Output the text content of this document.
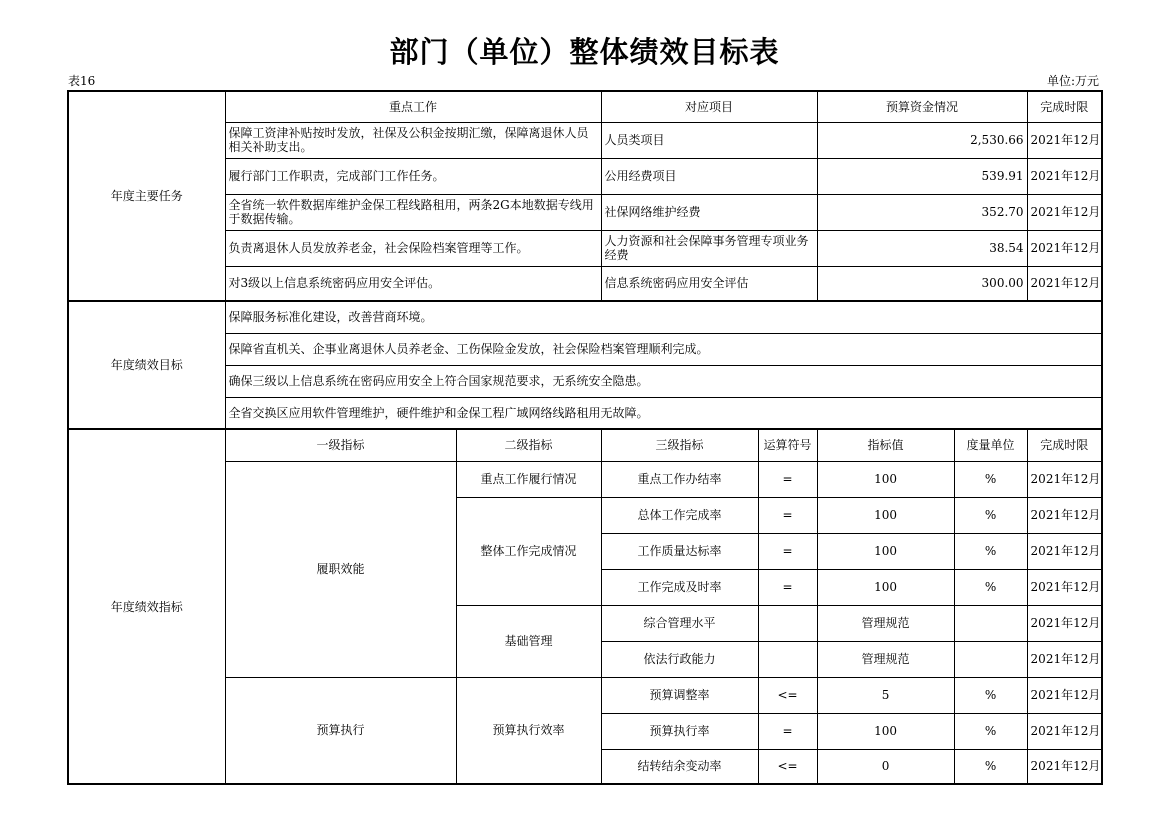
部门（单位）整体绩效目标表
表16	单位:万元
年度主要任务	重点工作		对应项目		预算资金情况		完成时限
	保障工资津补贴按时发放，社保及公积金按期汇缴，保障离退休人员相关补助支出。		人员类项目		2,530.66		2021年12月
	履行部门工作职责，完成部门工作任务。		公用经费项目		539.91		2021年12月
	全省统一软件数据库维护金保工程线路租用，两条2G本地数据专线用于数据传输。		社保网络维护经费		352.70		2021年12月
	负责离退休人员发放养老金，社会保险档案管理等工作。		人力资源和社会保障事务管理专项业务经费		38.54		2021年12月
	对3级以上信息系统密码应用安全评估。		信息系统密码应用安全评估		300.00		2021年12月
年度绩效目标	保障服务标准化建设，改善营商环境。						
	保障省直机关、企事业离退休人员养老金、工伤保险金发放，社会保险档案管理顺利完成。						
	确保三级以上信息系统在密码应用安全上符合国家规范要求，无系统安全隐患。						
	全省交换区应用软件管理维护，硬件维护和金保工程广域网络线路租用无故障。						
年度绩效指标	一级指标	二级指标	三级指标	运算符号	指标值	度量单位	完成时限
	履职效能	重点工作履行情况	重点工作办结率	=	100	%	2021年12月
		整体工作完成情况	总体工作完成率	=	100	%	2021年12月
			工作质量达标率	=	100	%	2021年12月
			工作完成及时率	=	100	%	2021年12月
		基础管理	综合管理水平		管理规范		2021年12月
			依法行政能力		管理规范		2021年12月
	预算执行	预算执行效率	预算调整率	<=	5	%	2021年12月
			预算执行率	=	100	%	2021年12月
			结转结余变动率	<=	0	%	2021年12月
